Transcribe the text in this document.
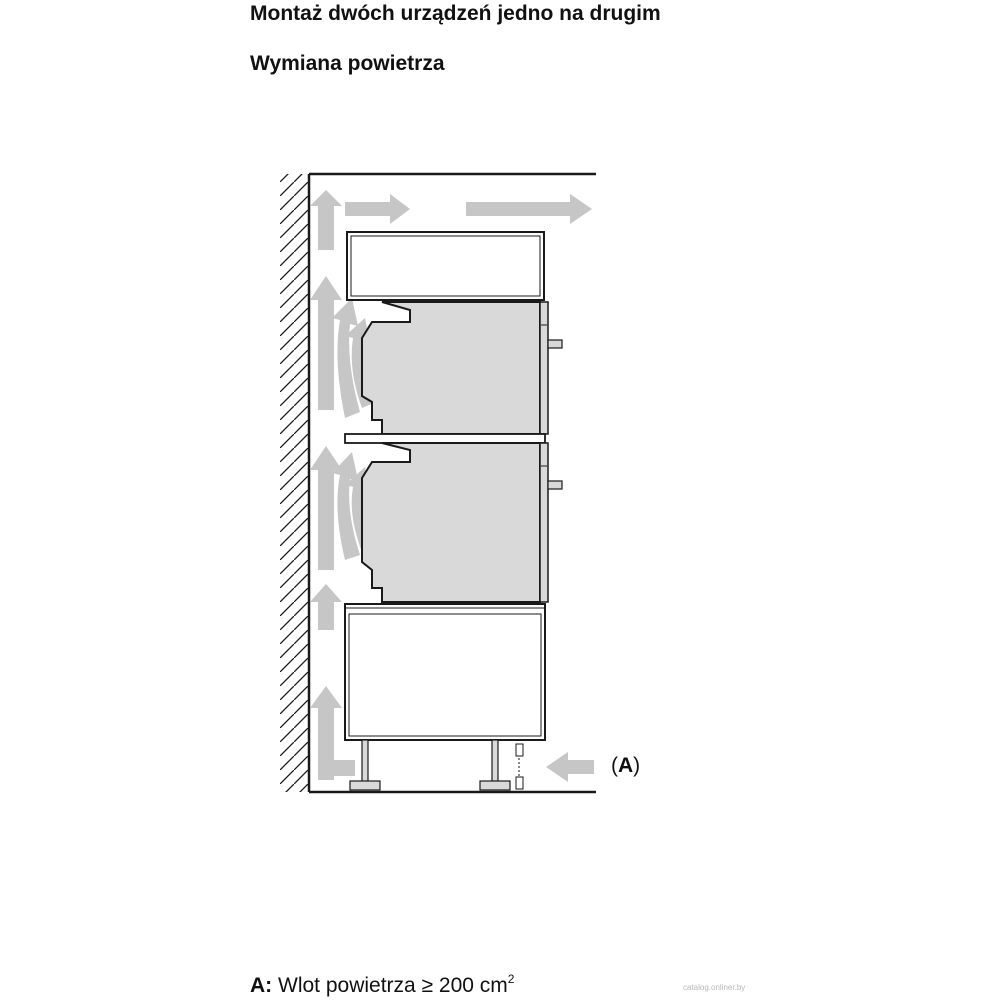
Montaż dwóch urządzeń jedno na drugim
Wymiana powietrza
(A)
A: Wlot powietrza ≥ 200 $cm^2$
catalog.onliner.by
